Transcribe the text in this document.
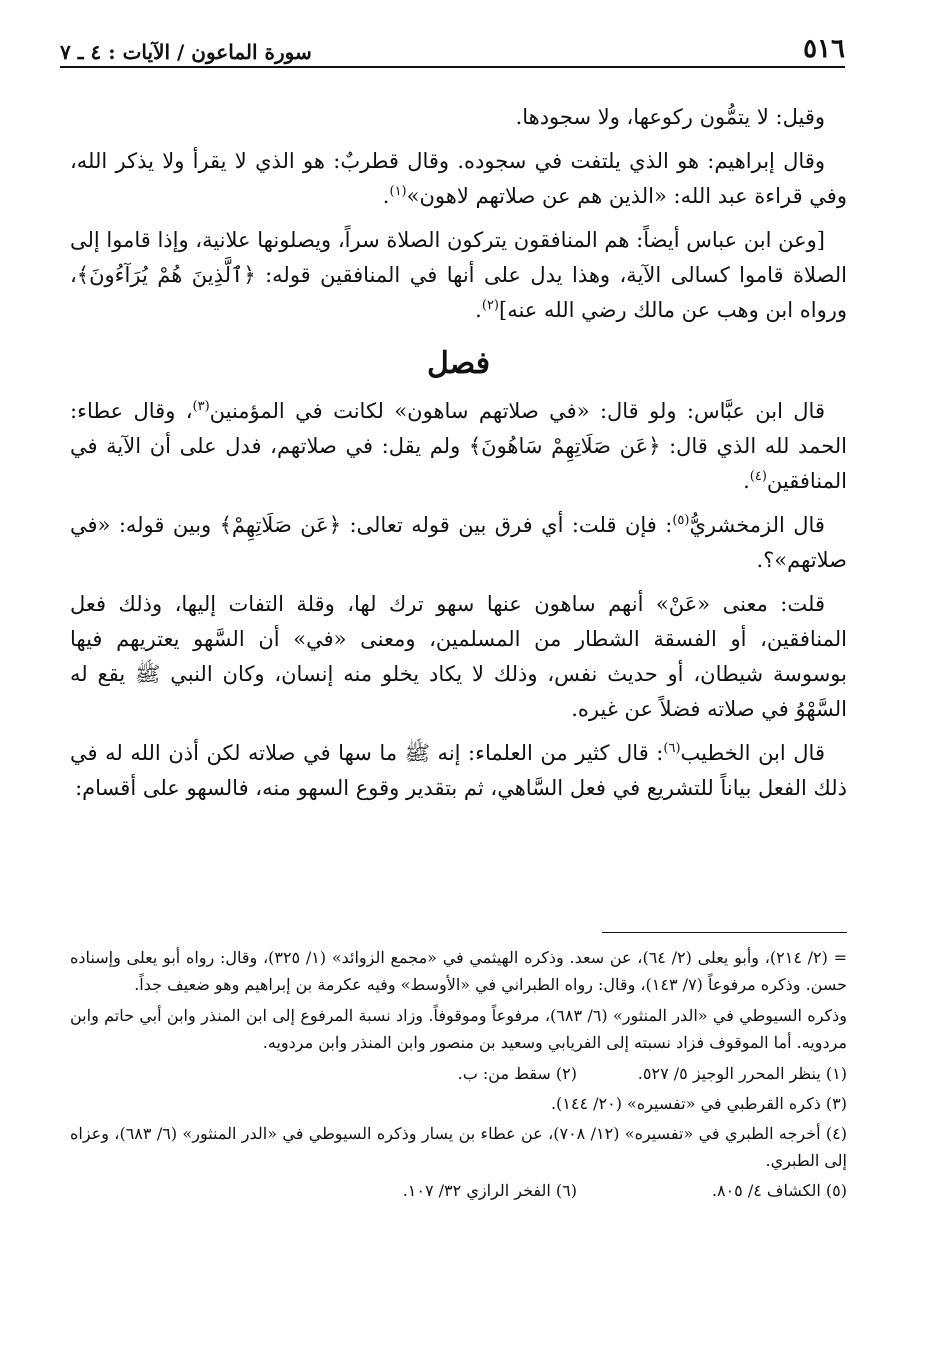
٥١٦
سورة الماعون / الآيات : ٤ ـ ٧

وقيل: لا يتمُّون ركوعها، ولا سجودها.

وقال إبراهيم: هو الذي يلتفت في سجوده. وقال قطربٌ: هو الذي لا يقرأ ولا يذكر الله، وفي قراءة عبد الله: «الذين هم عن صلاتهم لاهون»$^{(١)}$.

[وعن ابن عباس أيضاً: هم المنافقون يتركون الصلاة سراً، ويصلونها علانية، وإذا قاموا إلى الصلاة قاموا كسالى الآية، وهذا يدل على أنها في المنافقين قوله: ﴿ٱلَّذِينَ هُمْ يُرَآءُونَ﴾، ورواه ابن وهب عن مالك رضي الله عنه]$^{(٢)}$.

فصل

قال ابن عبَّاس: ولو قال: «في صلاتهم ساهون» لكانت في المؤمنين$^{(٣)}$، وقال عطاء: الحمد لله الذي قال: ﴿عَن صَلَاتِهِمْ سَاهُونَ﴾ ولم يقل: في صلاتهم، فدل على أن الآية في المنافقين$^{(٤)}$.

قال الزمخشريُّ$^{(٥)}$: فإن قلت: أي فرق بين قوله تعالى: ﴿عَن صَلَاتِهِمْ﴾ وبين قوله: «في صلاتهم»؟.

قلت: معنى «عَنْ» أنهم ساهون عنها سهو ترك لها، وقلة التفات إليها، وذلك فعل المنافقين، أو الفسقة الشطار من المسلمين، ومعنى «في» أن السَّهو يعتريهم فيها بوسوسة شيطان، أو حديث نفس، وذلك لا يكاد يخلو منه إنسان، وكان النبي ﷺ يقع له السَّهْوُ في صلاته فضلاً عن غيره.

قال ابن الخطيب$^{(٦)}$: قال كثير من العلماء: إنه ﷺ ما سها في صلاته لكن أذن الله له في ذلك الفعل بياناً للتشريع في فعل السَّاهي، ثم بتقدير وقوع السهو منه، فالسهو على أقسام:

= (٢/ ٢١٤)، وأبو يعلى (٢/ ٦٤)، عن سعد. وذكره الهيثمي في «مجمع الزوائد» (١/ ٣٢٥)، وقال: رواه أبو يعلى وإسناده حسن. وذكره مرفوعاً (٧/ ١٤٣)، وقال: رواه الطبراني في «الأوسط» وفيه عكرمة بن إبراهيم وهو ضعيف جداً.

وذكره السيوطي في «الدر المنثور» (٦/ ٦٨٣)، مرفوعاً وموقوفاً. وزاد نسبة المرفوع إلى ابن المنذر وابن أبي حاتم وابن مردويه. أما الموقوف فزاد نسبته إلى الفريابي وسعيد بن منصور وابن المنذر وابن مردويه.

(١) ينظر المحرر الوجيز ٥/ ٥٢٧.

(٢) سقط من: ب.

(٣) ذكره القرطبي في «تفسيره» (٢٠/ ١٤٤).

(٤) أخرجه الطبري في «تفسيره» (١٢/ ٧٠٨)، عن عطاء بن يسار وذكره السيوطي في «الدر المنثور» (٦/ ٦٨٣)، وعزاه إلى الطبري.

(٥) الكشاف ٤/ ٨٠٥.

(٦) الفخر الرازي ٣٢/ ١٠٧.
